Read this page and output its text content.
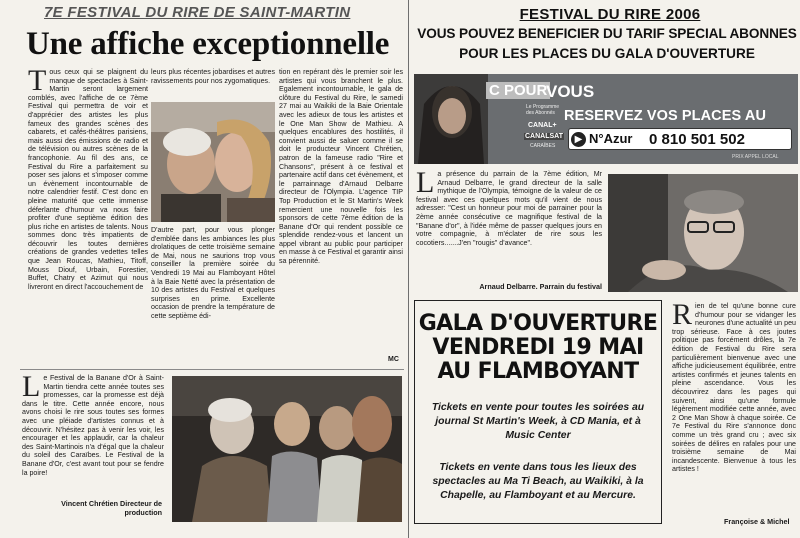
7E FESTIVAL DU RIRE DE SAINT-MARTIN
Une affiche exceptionnelle
T ous ceux qui se plaignent du manque de spectacles à Saint-Martin seront largement comblés, avec l'affiche de ce 7ème Festival qui permettra de voir et d'apprécier des artistes les plus fameux des grandes scènes des cabarets, et cafés-théâtres parisiens, mais aussi des émissions de radio et de télévision ou autres scènes de la francophonie. Au fil des ans, ce Festival du Rire a parfaitement su poser ses jalons et s'imposer comme un évènement incontournable de notre calendrier festif. C'est donc en pleine maturité que cette immense déferlante d'humour va nous faire profiter d'une septième édition des plus riche en artistes de talents. Nous sommes donc très impatients de découvrir les toutes dernières créations de grandes vedettes telles que Jean Roucas, Mathieu, Titoff, Mouss Diouf, Urbain, Forestier, Buffet, Chatry et Azimut qui nous livreront en direct l'accouchement de
leurs plus récentes jobardises et autres ravissements pour nos zygomatiques.
D'autre part, pour vous plonger d'emblée dans les ambiances les plus drolatiques de cette troisième semaine de Mai, nous ne saurions trop vous conseiller la première soirée du Vendredi 19 Mai au Flamboyant Hôtel à la Baie Netté avec la présentation de 10 des artistes du Festival et quelques surprises en prime. Excellente occasion de prendre la température de cette septième édi-
tion en repérant dès le premier soir les artistes qui vous branchent le plus. Egalement incontournable, le gala de clôture du Festival du Rire, le samedi 27 mai au Waikiki de la Baie Orientale avec les adieux de tous les artistes et le One Man Show de Mathieu. A quelques encablures des hostilités, il convient aussi de saluer comme il se doit le producteur Vincent Chrétien, patron de la fameuse radio "Rire et Chansons", présent à ce festival et partenaire actif dans cet évènement, et le parrainnage d'Arnaud Delbarre directeur de l'Olympia. L'agence TIP Top Production et le St Martin's Week remercient une nouvelle fois les sponsors de cette 7ème édition de la Banane d'Or qui rendent possible ce splendide rendez-vous et lancent un appel vibrant au public pour participer en masse à ce Festival et garantir ainsi sa pérennité.
MC
L e Festival de la Banane d'Or à Saint-Martin tiendra cette année toutes ses promesses, car la promesse est déjà dans le titre. Cette année encore, nous avons choisi le rire sous toutes ses formes avec une pléiade d'artistes connus et à découvrir. N'hésitez pas à venir les voir, les encourager et les applaudir, car la chaleur des Saint-Martinois n'a d'égal que la chaleur du soleil des Caraïbes. Le Festival de la Banane d'Or, c'est avant tout pour se fendre la poire!
Vincent Chrétien Directeur de production
FESTIVAL DU RIRE 2006
VOUS POUVEZ BENEFICIER DU TARIF SPECIAL ABONNES
POUR LES PLACES DU GALA D'OUVERTURE
C POUR
VOUS
Le Programme des Abonnés
CANAL+
CANALSAT
CARAÏBES
RESERVEZ VOS PLACES AU
▶ N°Azur 0 810 501 502
PRIX APPEL LOCAL
L a présence du parrain de la 7ème édition, Mr Arnaud Delbarre, le grand directeur de la salle mythique de l'Olympia, témoigne de la valeur de ce festival avec ces quelques mots qu'il vient de nous adresser: "Cest un honneur pour moi de parrainer pour la 2ème année consécutive ce magnifique festival de la "Banane d'or", à l'idée même de passer quelques jours en votre compagnie, à m'éclater de rire sous les cocotiers.......J'en "rougis" d'avance".
Arnaud Delbarre. Parrain du festival
GALA D'OUVERTURE
VENDREDI 19 MAI
AU FLAMBOYANT
Tickets en vente pour toutes les soirées au journal St Martin's Week, à CD Mania, et à Music Center
Tickets en vente dans tous les lieux des spectacles au Ma Ti Beach, au Waikiki, à la Chapelle, au Flamboyant et au Mercure.
R ien de tel qu'une bonne cure d'humour pour se vidanger les neurones d'une actualité un peu trop sérieuse. Face à ces joutes politique pas forcément drôles, la 7e édition de Festival du Rire sera particulièrement bienvenue avec une affiche judicieusement équilibrée, entre artistes confirmés et jeunes talents en pleine ascendance. Vous les découvrirez dans les pages qui suivent, ainsi qu'une formule légèrement modifiée cette année, avec 2 One Man Show à chaque soirée. Ce 7e Festival du Rire s'annonce donc comme un très grand cru ; avec six soirées de délires en rafales pour une troisième semaine de Mai incandescente. Bienvenue à tous les artistes !
Françoise & Michel
